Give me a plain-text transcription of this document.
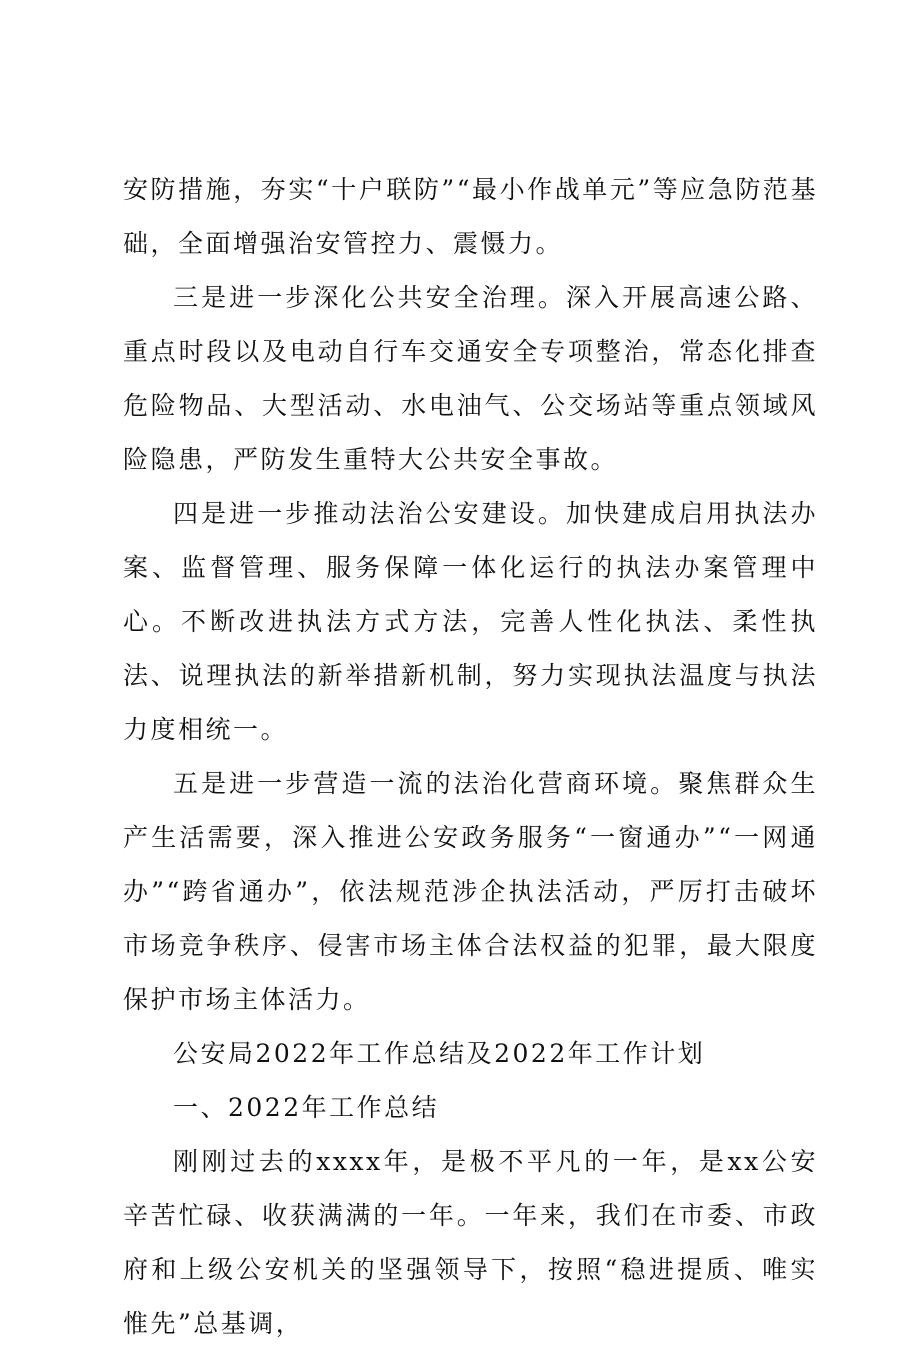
安防措施，夯实“十户联防”“最小作战单元”等应急防范基础，全面增强治安管控力、震慑力。

三是进一步深化公共安全治理。深入开展高速公路、重点时段以及电动自行车交通安全专项整治，常态化排查危险物品、大型活动、水电油气、公交场站等重点领域风险隐患，严防发生重特大公共安全事故。

四是进一步推动法治公安建设。加快建成启用执法办案、监督管理、服务保障一体化运行的执法办案管理中心。不断改进执法方式方法，完善人性化执法、柔性执法、说理执法的新举措新机制，努力实现执法温度与执法力度相统一。

五是进一步营造一流的法治化营商环境。聚焦群众生产生活需要，深入推进公安政务服务“一窗通办”“一网通办”“跨省通办”，依法规范涉企执法活动，严厉打击破坏市场竞争秩序、侵害市场主体合法权益的犯罪，最大限度保护市场主体活力。

公安局2022年工作总结及2022年工作计划

一、2022年工作总结

刚刚过去的xxxx年，是极不平凡的一年，是xx公安辛苦忙碌、收获满满的一年。一年来，我们在市委、市政府和上级公安机关的坚强领导下，按照“稳进提质、唯实惟先”总基调，
